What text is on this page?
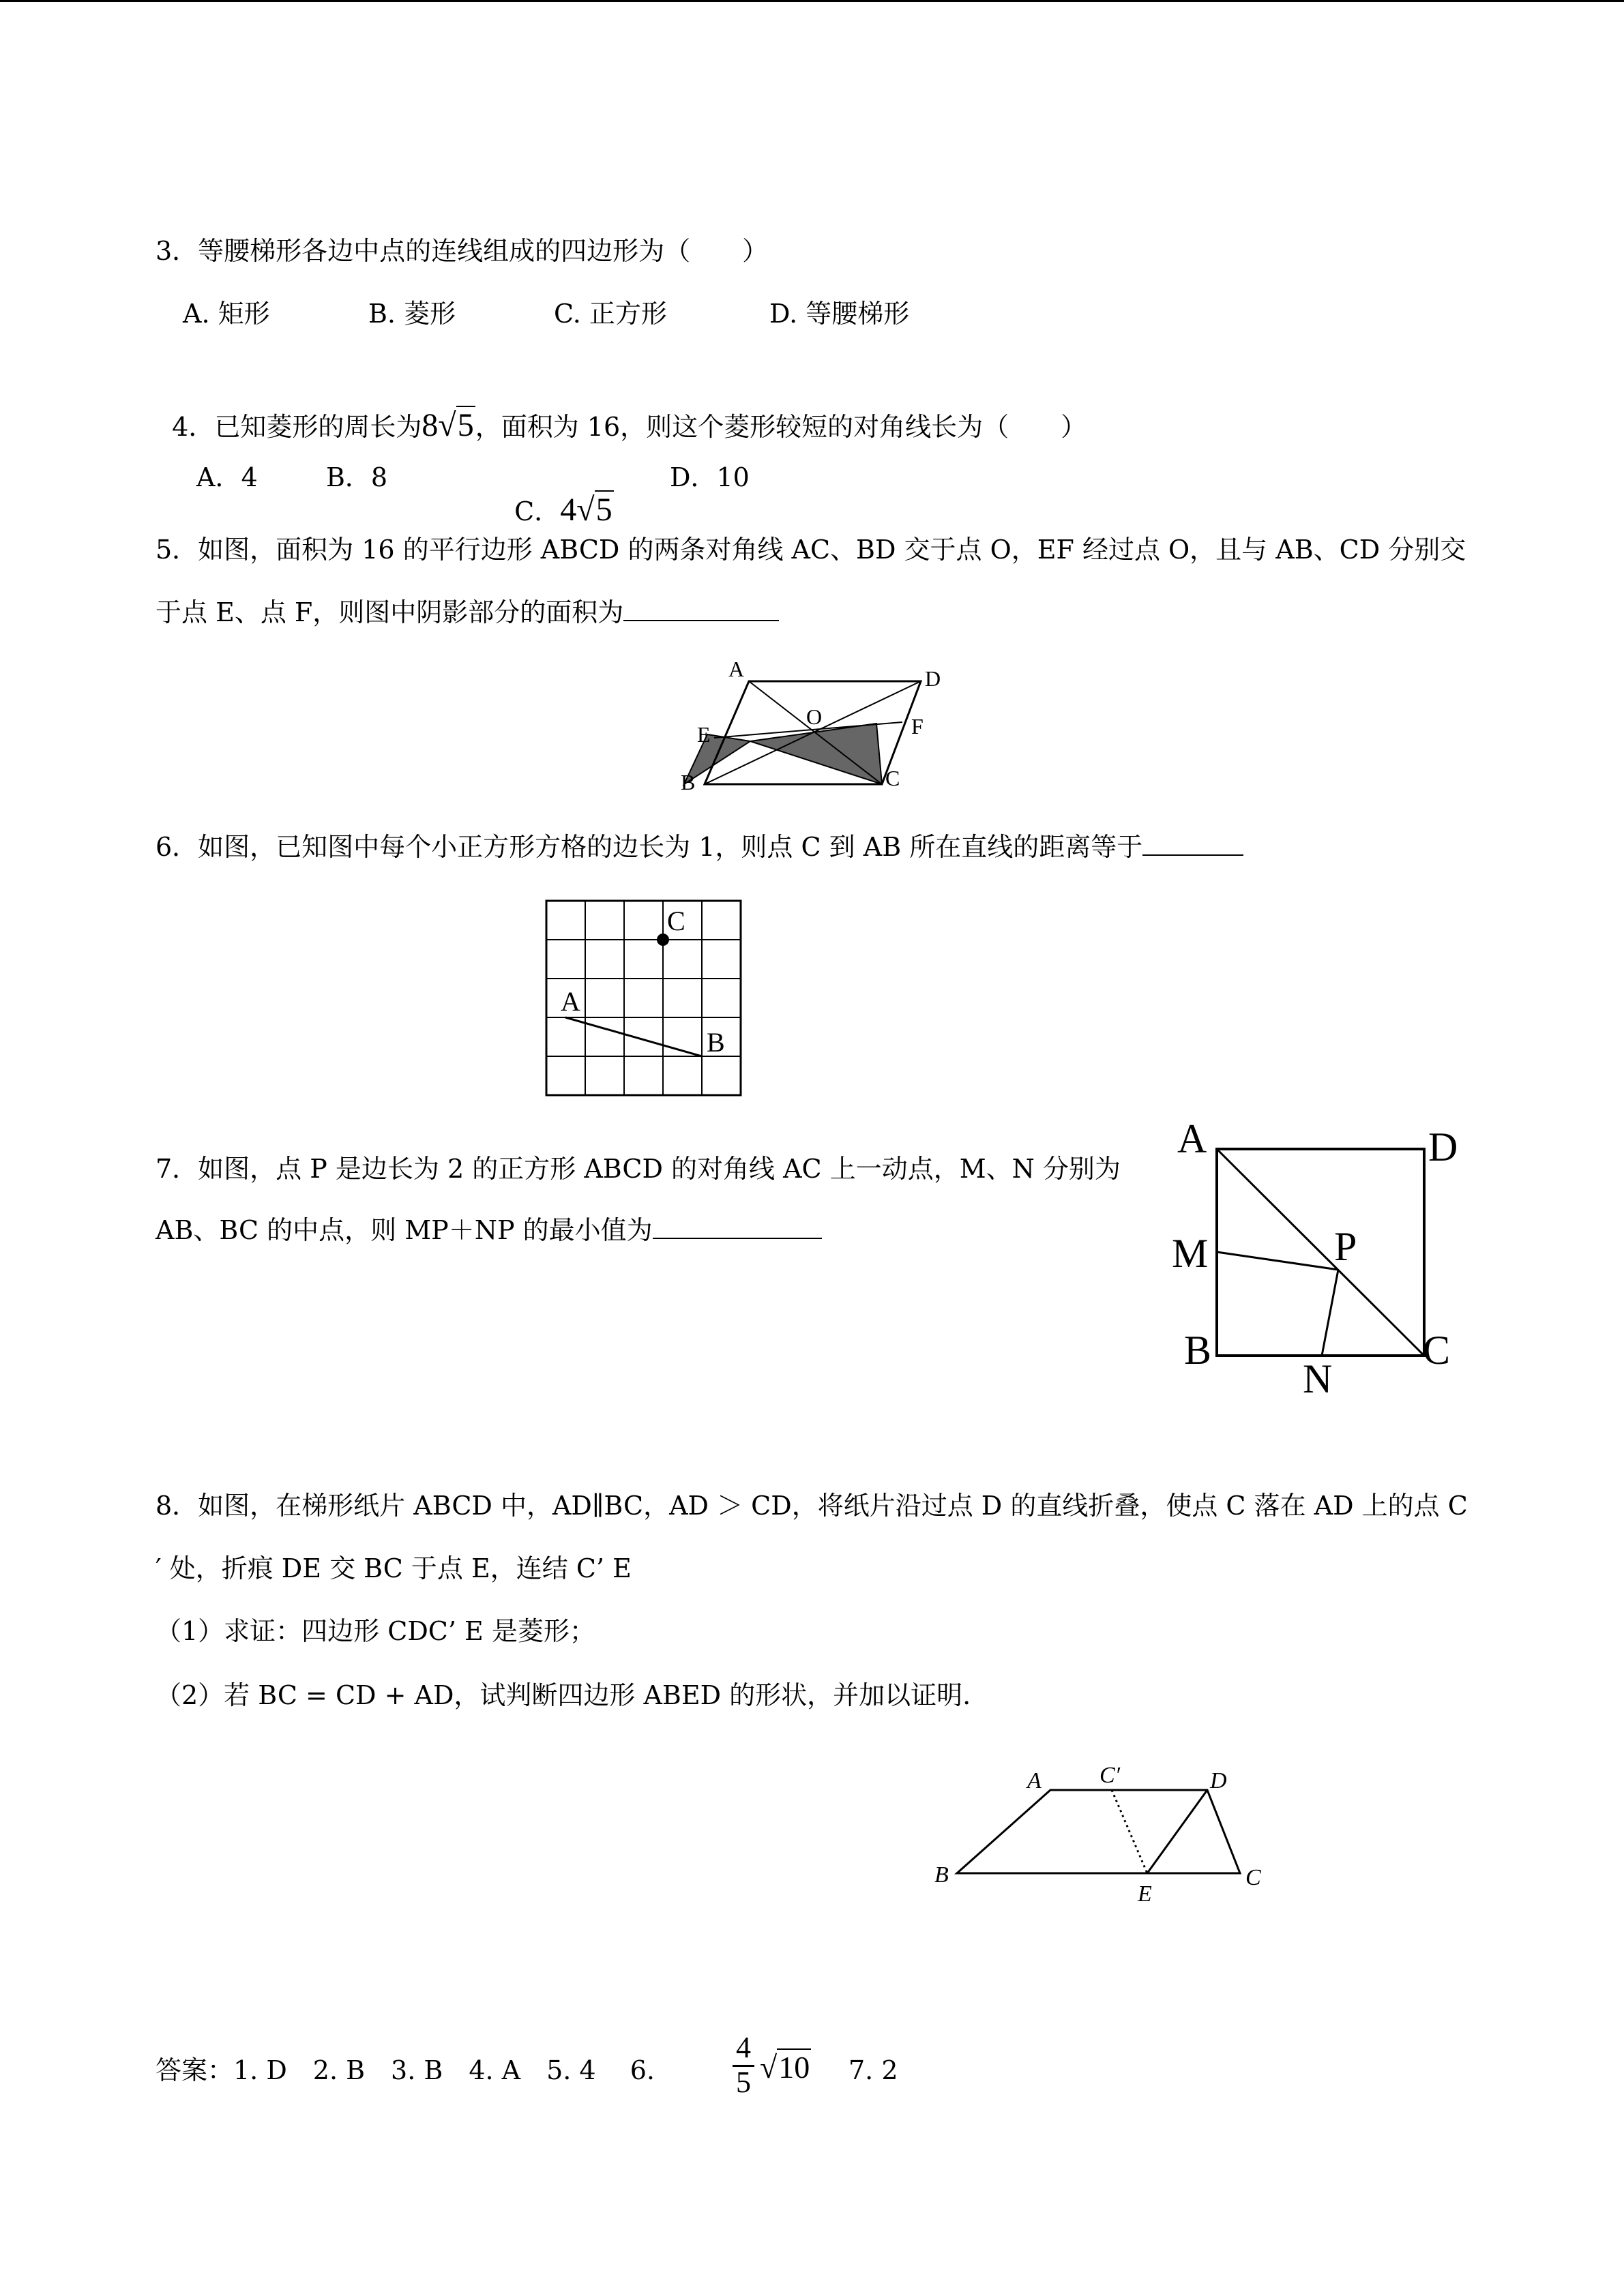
3．等腰梯形各边中点的连线组成的四边形为（　　）
A. 矩形	B. 菱形	C. 正方形	D. 等腰梯形

4．已知菱形的周长为8√5，面积为 16，则这个菱形较短的对角线长为（　　）

A．4	B．8

C．4√5

D．10
5．如图，面积为 16 的平行边形 ABCD 的两条对角线 AC、BD 交于点 O，EF 经过点 O，且与 AB、CD 分别交
于点 E、点 F，则图中阴影部分的面积为
A	D
F
O
E
B	C
6．如图，已知图中每个小正方形方格的边长为 1，则点 C 到 AB 所在直线的距离等于
C
A
B
7．如图，点 P 是边长为 2 的正方形 ABCD 的对角线 AC 上一动点，M、N 分别为
AB、BC 的中点，则 MP＋NP 的最小值为
A	D
M	P
B	C
N
8．如图，在梯形纸片 ABCD 中，AD∥BC，AD ＞ CD，将纸片沿过点 D 的直线折叠，使点 C 落在 AD 上的点 C
′ 处，折痕 DE 交 BC 于点 E，连结 C’ E
（1）求证：四边形 CDC’ E 是菱形；
（2）若 BC = CD + AD，试判断四边形 ABED 的形状，并加以证明.
A	C′	D
B	C
E
答案：1. D　2. B　3. B　4. A　5. 4　 6.
4
5 √10 7. 2
